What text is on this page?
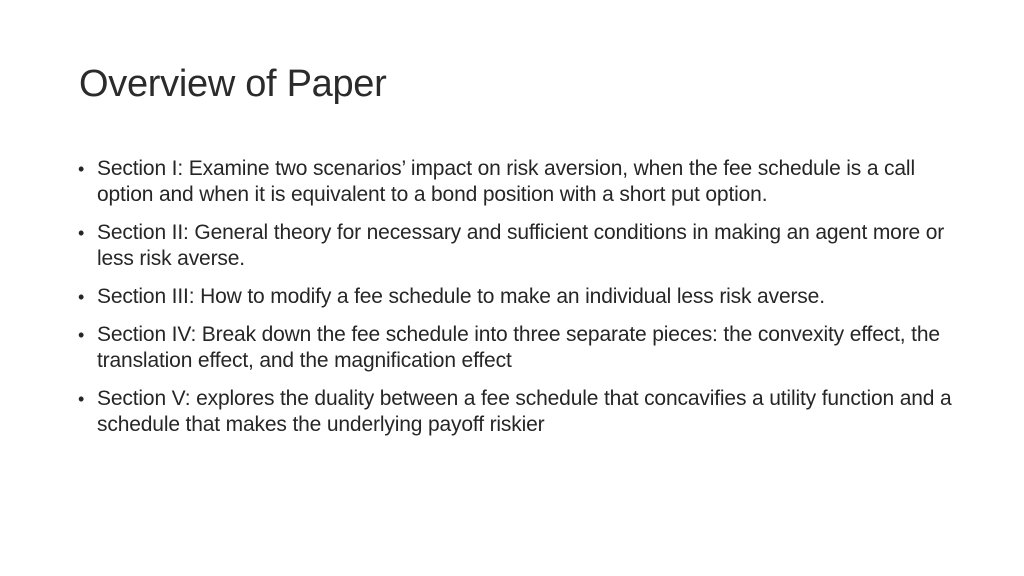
Overview of Paper
• Section I: Examine two scenarios’ impact on risk aversion, when the fee schedule is a call option and when it is equivalent to a bond position with a short put option.
• Section II: General theory for necessary and sufficient conditions in making an agent more or less risk averse.
• Section III: How to modify a fee schedule to make an individual less risk averse.
• Section IV: Break down the fee schedule into three separate pieces: the convexity effect, the translation effect, and the magnification effect
• Section V: explores the duality between a fee schedule that concavifies a utility function and a schedule that makes the underlying payoff riskier
